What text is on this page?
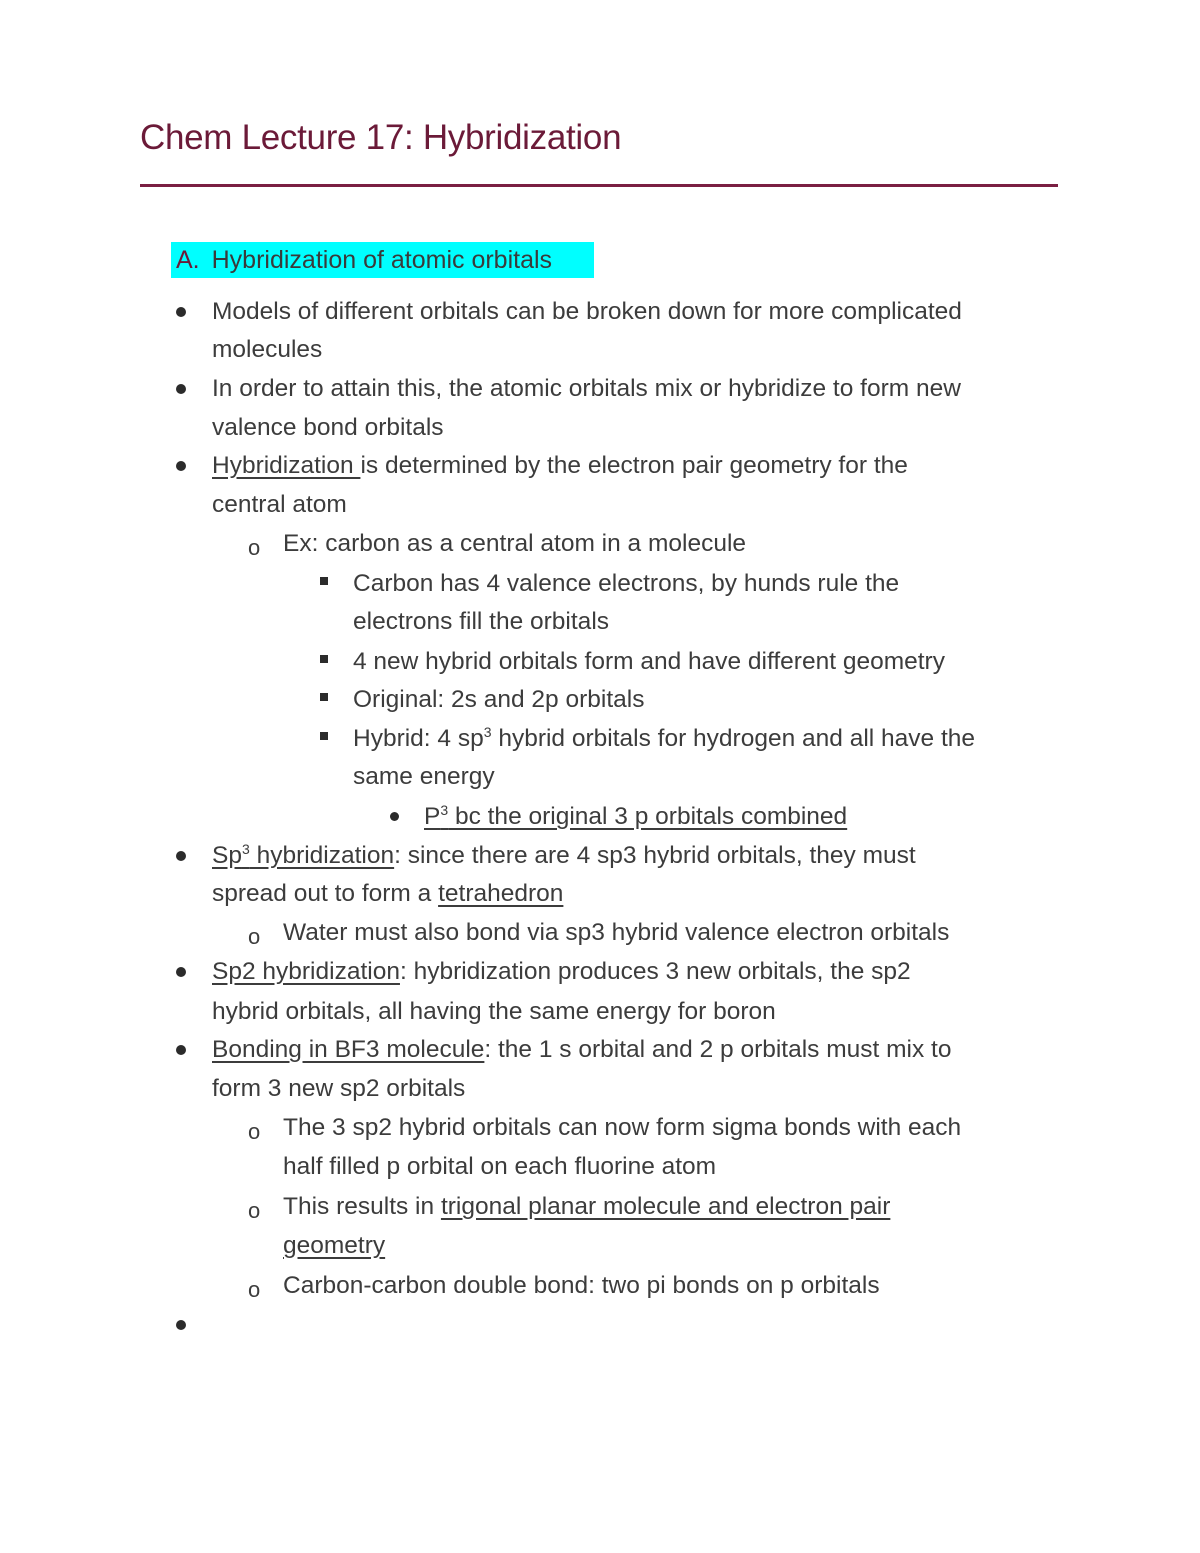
Chem Lecture 17: Hybridization
A. Hybridization of atomic orbitals
Models of different orbitals can be broken down for more complicated
molecules
In order to attain this, the atomic orbitals mix or hybridize to form new
valence bond orbitals
Hybridization is determined by the electron pair geometry for the
central atom
o Ex: carbon as a central atom in a molecule
Carbon has 4 valence electrons, by hunds rule the
electrons fill the orbitals
4 new hybrid orbitals form and have different geometry
Original: 2s and 2p orbitals
Hybrid: 4 $sp^3$ hybrid orbitals for hydrogen and all have the
same energy
$P^3$ bc the original 3 p orbitals combined
Sp$^3$ hybridization: since there are 4 sp3 hybrid orbitals, they must
spread out to form a tetrahedron
o Water must also bond via sp3 hybrid valence electron orbitals
Sp2 hybridization: hybridization produces 3 new orbitals, the sp2
hybrid orbitals, all having the same energy for boron
Bonding in BF3 molecule: the 1 s orbital and 2 p orbitals must mix to
form 3 new sp2 orbitals
o The 3 sp2 hybrid orbitals can now form sigma bonds with each
half filled p orbital on each fluorine atom
o This results in trigonal planar molecule and electron pair
geometry
o Carbon-carbon double bond: two pi bonds on p orbitals
